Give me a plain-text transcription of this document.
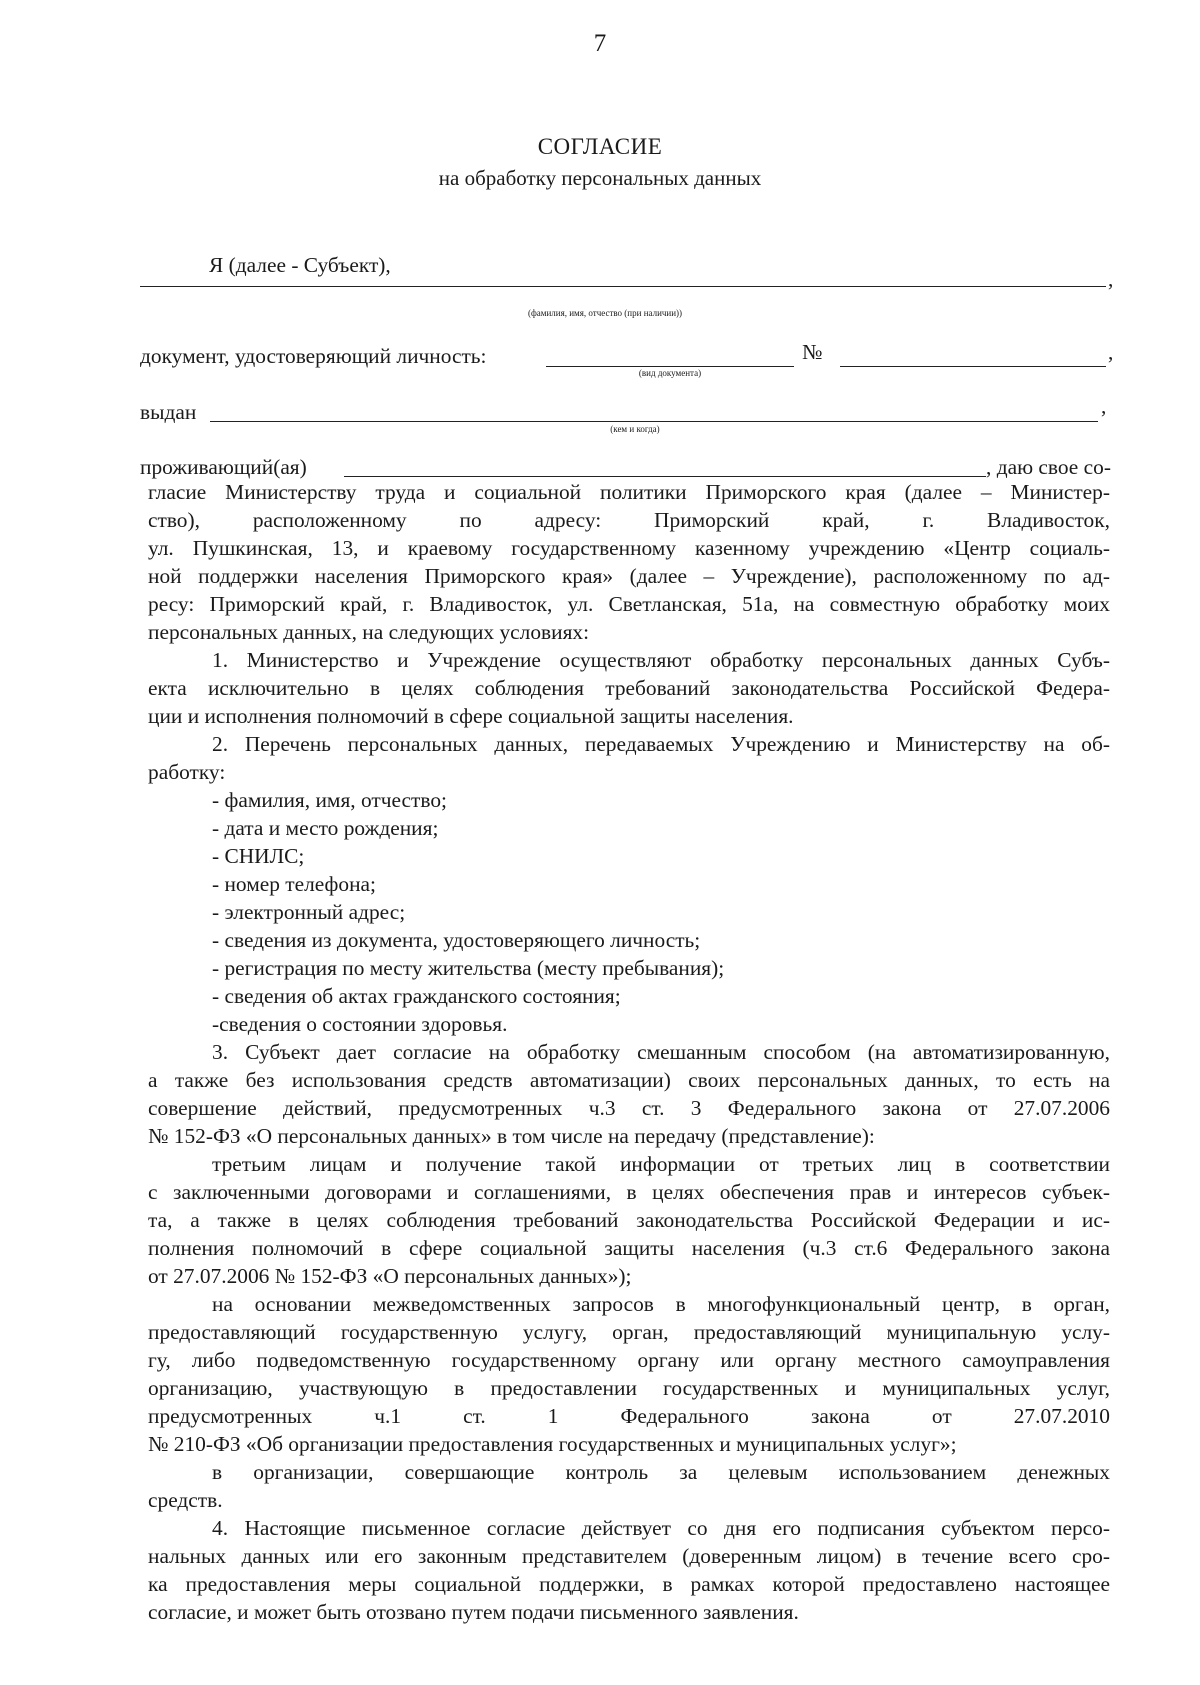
7
СОГЛАСИЕ
на обработку персональных данных
Я (далее - Субъект),
,
(фамилия, имя, отчество (при наличии))
документ, удостоверяющий личность:	№	,
(вид документа)
выдан	,
(кем и когда)
проживающий(ая)	, даю свое со-
гласие Министерству труда и социальной политики Приморского края (далее – Министер-
ство), расположенному по адресу: Приморский край, г. Владивосток,
ул. Пушкинская, 13, и краевому государственному казенному учреждению «Центр социаль-
ной поддержки населения Приморского края» (далее – Учреждение), расположенному по ад-
ресу: Приморский край, г. Владивосток, ул. Светланская, 51а, на совместную обработку моих
персональных данных, на следующих условиях:
1. Министерство и Учреждение осуществляют обработку персональных данных Субъ-
екта исключительно в целях соблюдения требований законодательства Российской Федера-
ции и исполнения полномочий в сфере социальной защиты населения.
2. Перечень персональных данных, передаваемых Учреждению и Министерству на об-
работку:
- фамилия, имя, отчество;
- дата и место рождения;
- СНИЛС;
- номер телефона;
- электронный адрес;
- сведения из документа, удостоверяющего личность;
- регистрация по месту жительства (месту пребывания);
- сведения об актах гражданского состояния;
-сведения о состоянии здоровья.
3. Субъект дает согласие на обработку смешанным способом (на автоматизированную,
а также без использования средств автоматизации) своих персональных данных, то есть на
совершение действий, предусмотренных ч.3 ст. 3 Федерального закона от 27.07.2006
№ 152-ФЗ «О персональных данных» в том числе на передачу (представление):
третьим лицам и получение такой информации от третьих лиц в соответствии
с заключенными договорами и соглашениями, в целях обеспечения прав и интересов субъек-
та, а также в целях соблюдения требований законодательства Российской Федерации и ис-
полнения полномочий в сфере социальной защиты населения (ч.3 ст.6 Федерального закона
от 27.07.2006 № 152-ФЗ «О персональных данных»);
на основании межведомственных запросов в многофункциональный центр, в орган,
предоставляющий государственную услугу, орган, предоставляющий муниципальную услу-
гу, либо подведомственную государственному органу или органу местного самоуправления
организацию, участвующую в предоставлении государственных и муниципальных услуг,
предусмотренных ч.1 ст. 1 Федерального закона от 27.07.2010
№ 210-ФЗ «Об организации предоставления государственных и муниципальных услуг»;
в организации, совершающие контроль за целевым использованием денежных
средств.
4. Настоящие письменное согласие действует со дня его подписания субъектом персо-
нальных данных или его законным представителем (доверенным лицом) в течение всего сро-
ка предоставления меры социальной поддержки, в рамках которой предоставлено настоящее
согласие, и может быть отозвано путем подачи письменного заявления.
